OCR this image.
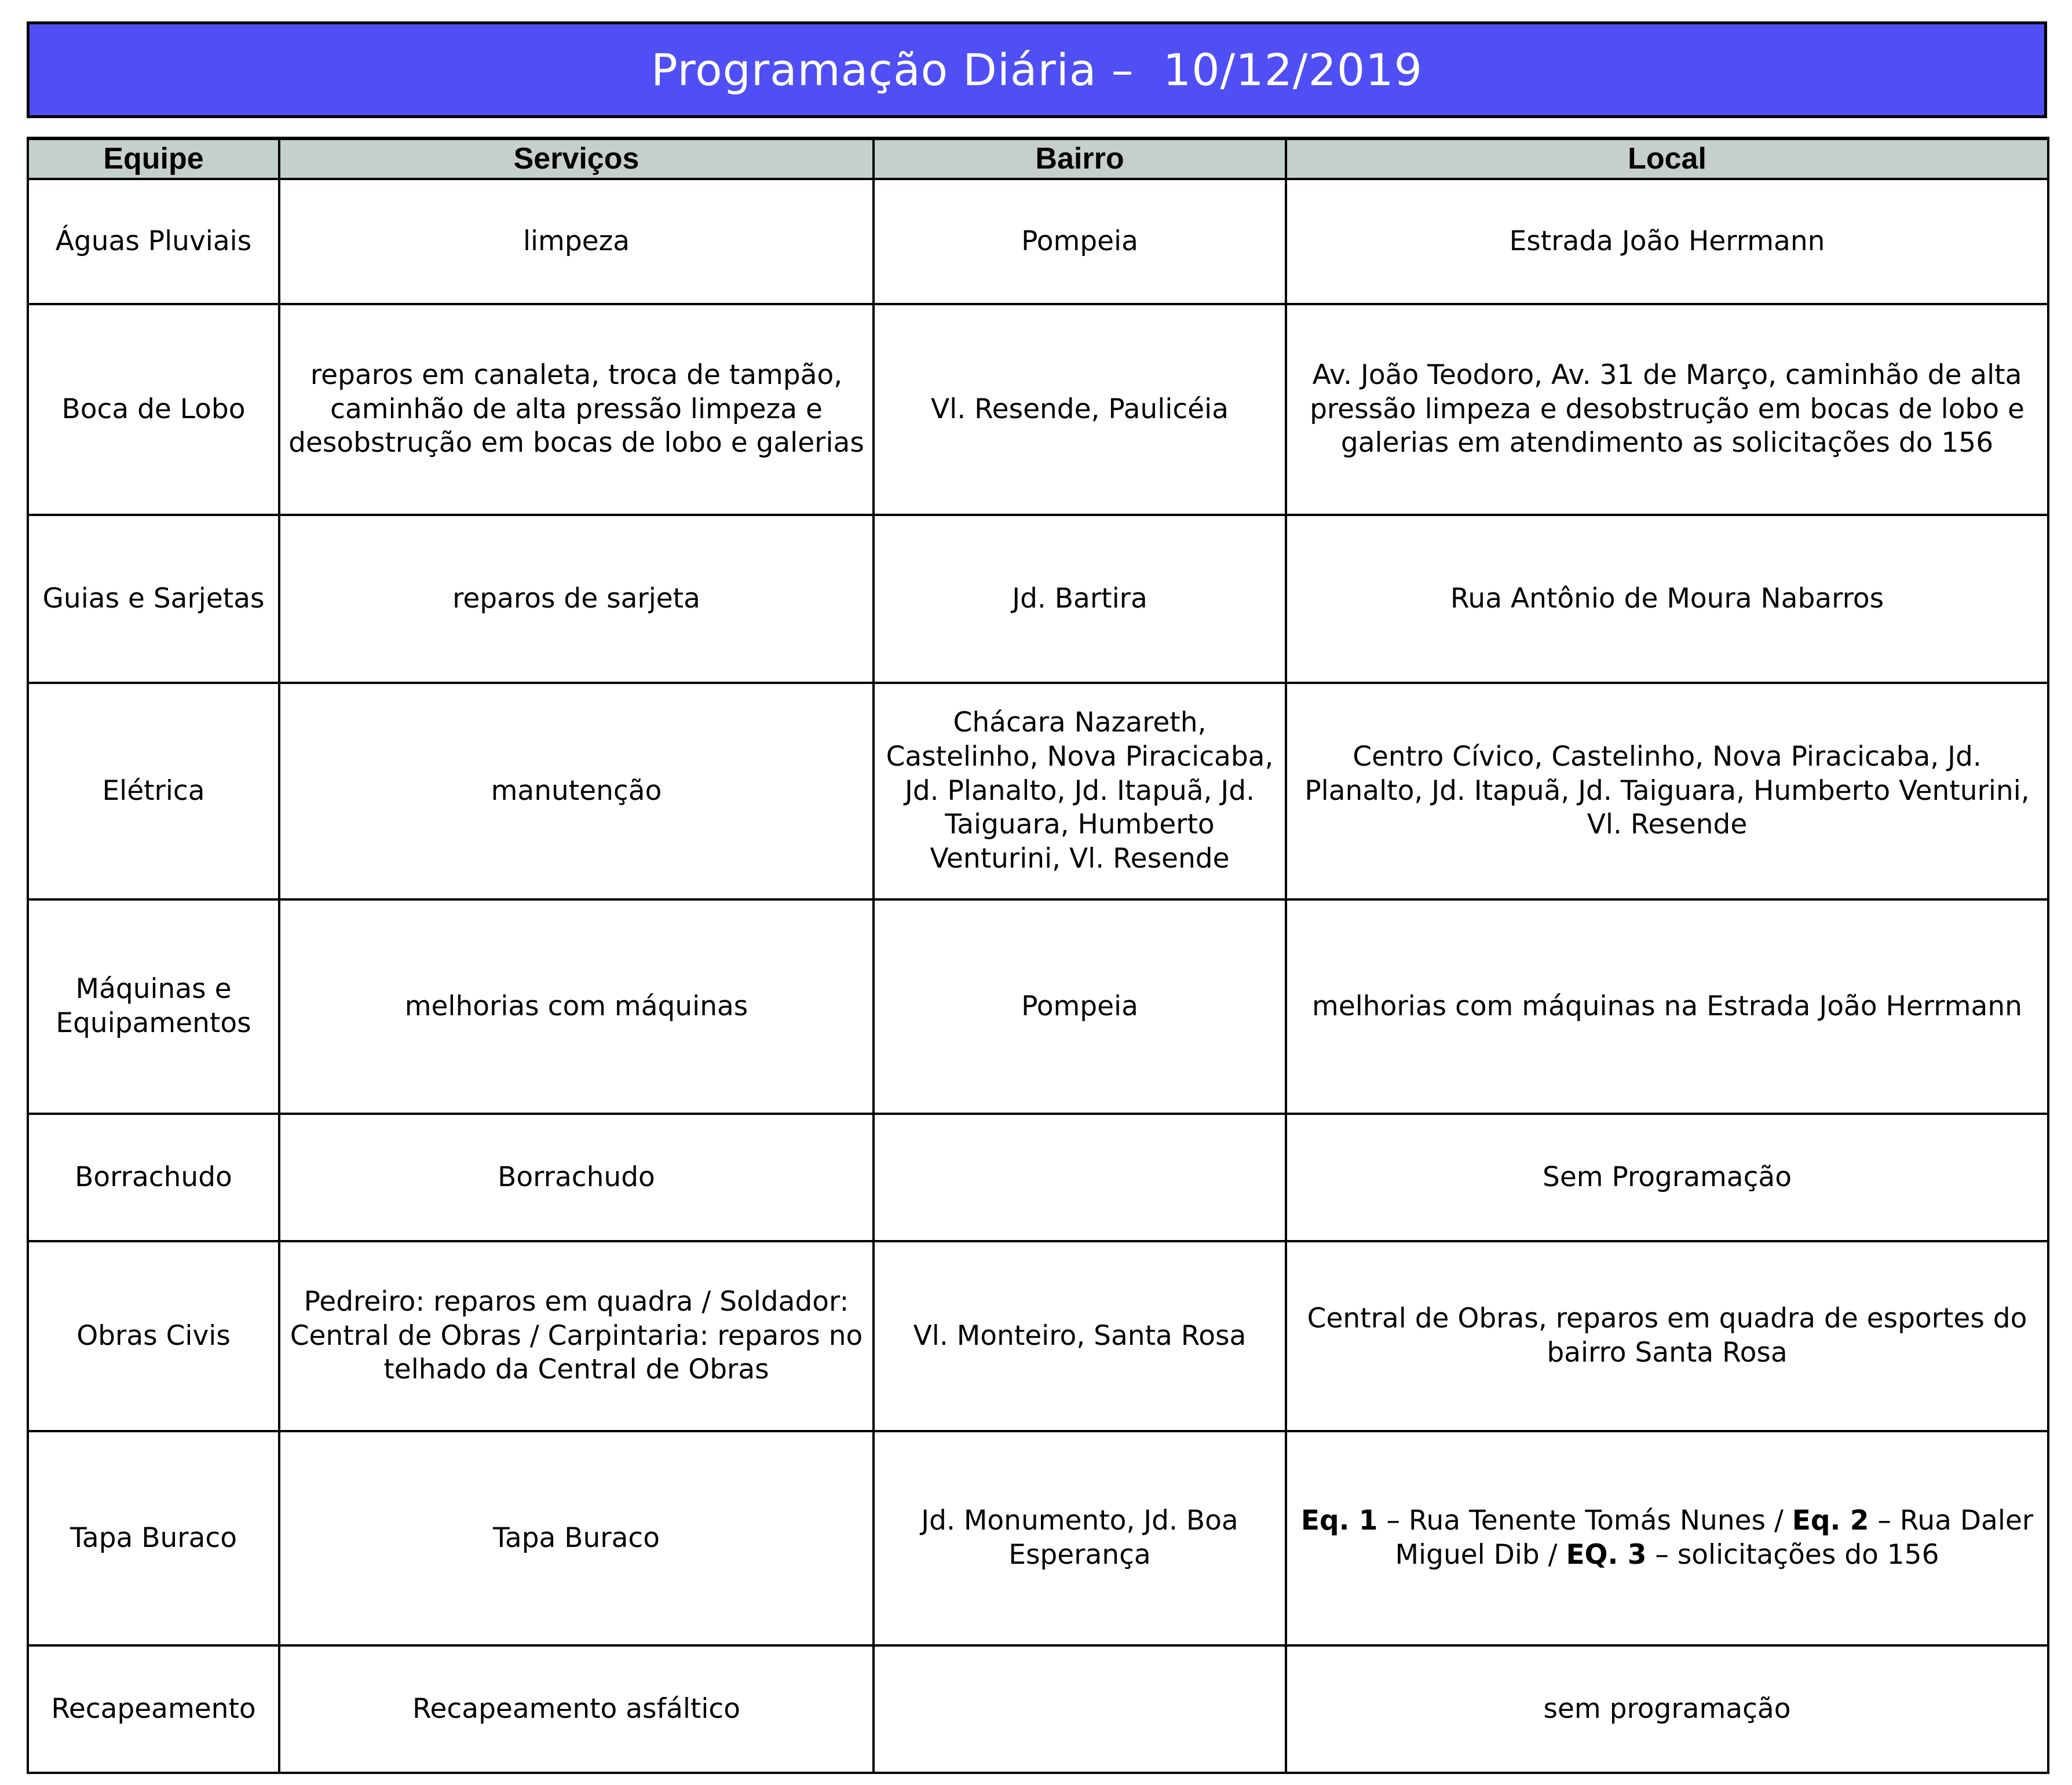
Programação Diária –  10/12/2019
Equipe	Serviços	Bairro	Local
Águas Pluviais	limpeza	Pompeia	Estrada João Herrmann
Boca de Lobo	reparos em canaleta, troca de tampão, caminhão de alta pressão limpeza e desobstrução em bocas de lobo e galerias	Vl. Resende, Paulicéia	Av. João Teodoro, Av. 31 de Março, caminhão de alta pressão limpeza e desobstrução em bocas de lobo e galerias em atendimento as solicitações do 156
Guias e Sarjetas	reparos de sarjeta	Jd. Bartira	Rua Antônio de Moura Nabarros
Elétrica	manutenção	Chácara Nazareth, Castelinho, Nova Piracicaba, Jd. Planalto, Jd. Itapuã, Jd. Taiguara, Humberto Venturini, Vl. Resende	Centro Cívico, Castelinho, Nova Piracicaba, Jd. Planalto, Jd. Itapuã, Jd. Taiguara, Humberto Venturini, Vl. Resende
Máquinas e Equipamentos	melhorias com máquinas	Pompeia	melhorias com máquinas na Estrada João Herrmann
Borrachudo	Borrachudo		Sem Programação
Obras Civis	Pedreiro: reparos em quadra / Soldador: Central de Obras / Carpintaria: reparos no telhado da Central de Obras	Vl. Monteiro, Santa Rosa	Central de Obras, reparos em quadra de esportes do bairro Santa Rosa
Tapa Buraco	Tapa Buraco	Jd. Monumento, Jd. Boa Esperança	Eq. 1 – Rua Tenente Tomás Nunes / Eq. 2 – Rua Daler Miguel Dib / EQ. 3 – solicitações do 156
Recapeamento	Recapeamento asfáltico		sem programação
